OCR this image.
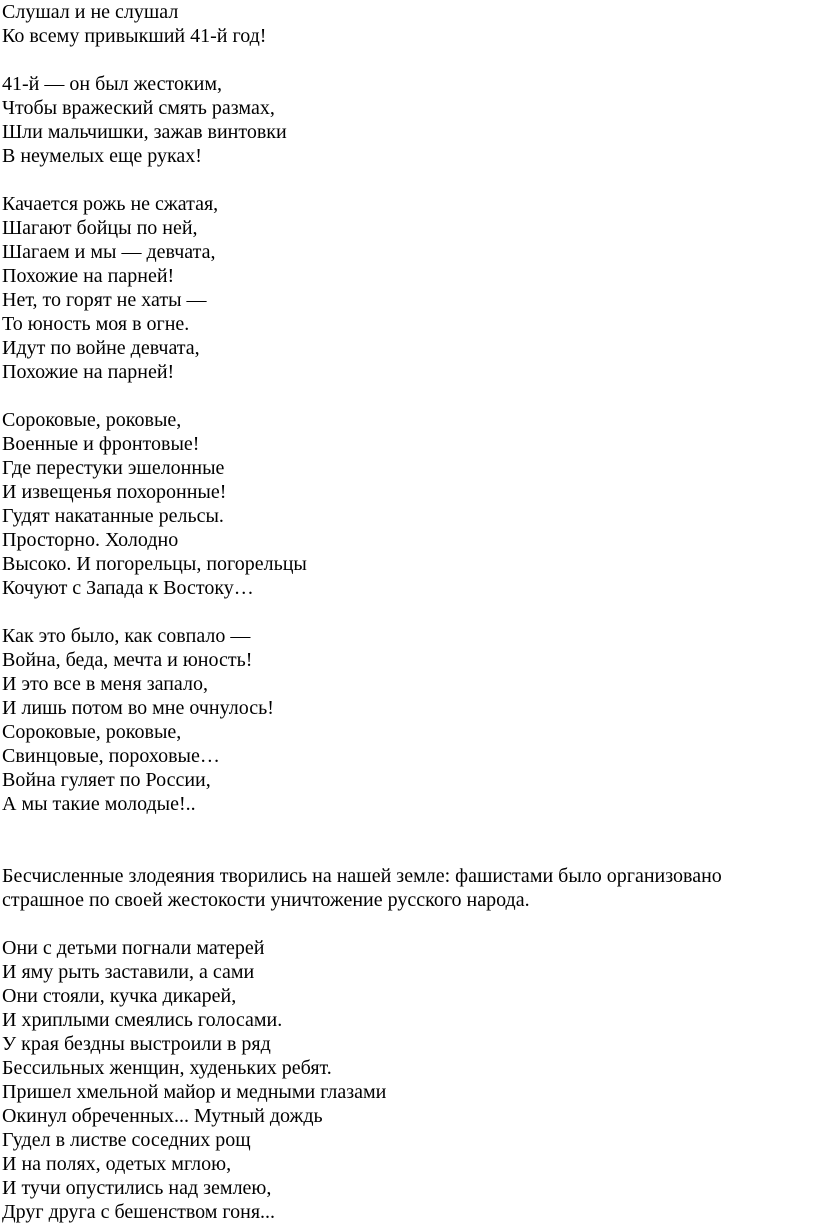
Слушал и не слушал
Ко всему привыкший 41-й год!
41-й — он был жестоким,
Чтобы вражеский смять размах,
Шли мальчишки, зажав винтовки
В неумелых еще руках!
Качается рожь не сжатая,
Шагают бойцы по ней,
Шагаем и мы — девчата,
Похожие на парней!
Нет, то горят не хаты —
То юность моя в огне.
Идут по войне девчата,
Похожие на парней!
Сороковые, роковые,
Военные и фронтовые!
Где перестуки эшелонные
И извещенья похоронные!
Гудят накатанные рельсы.
Просторно. Холодно
Высоко. И погорельцы, погорельцы
Кочуют с Запада к Востоку…
Как это было, как совпало —
Война, беда, мечта и юность!
И это все в меня запало,
И лишь потом во мне очнулось!
Сороковые, роковые,
Свинцовые, пороховые…
Война гуляет по России,
А мы такие молодые!..
Бесчисленные злодеяния творились на нашей земле: фашистами было организовано
страшное по своей жестокости уничтожение русского народа.
Они с детьми погнали матерей
И яму рыть заставили, а сами
Они стояли, кучка дикарей,
И хриплыми смеялись голосами.
У края бездны выстроили в ряд
Бессильных женщин, худеньких ребят.
Пришел хмельной майор и медными глазами
Окинул обреченных... Мутный дождь
Гудел в листве соседних рощ
И на полях, одетых мглою,
И тучи опустились над землею,
Друг друга с бешенством гоня...
